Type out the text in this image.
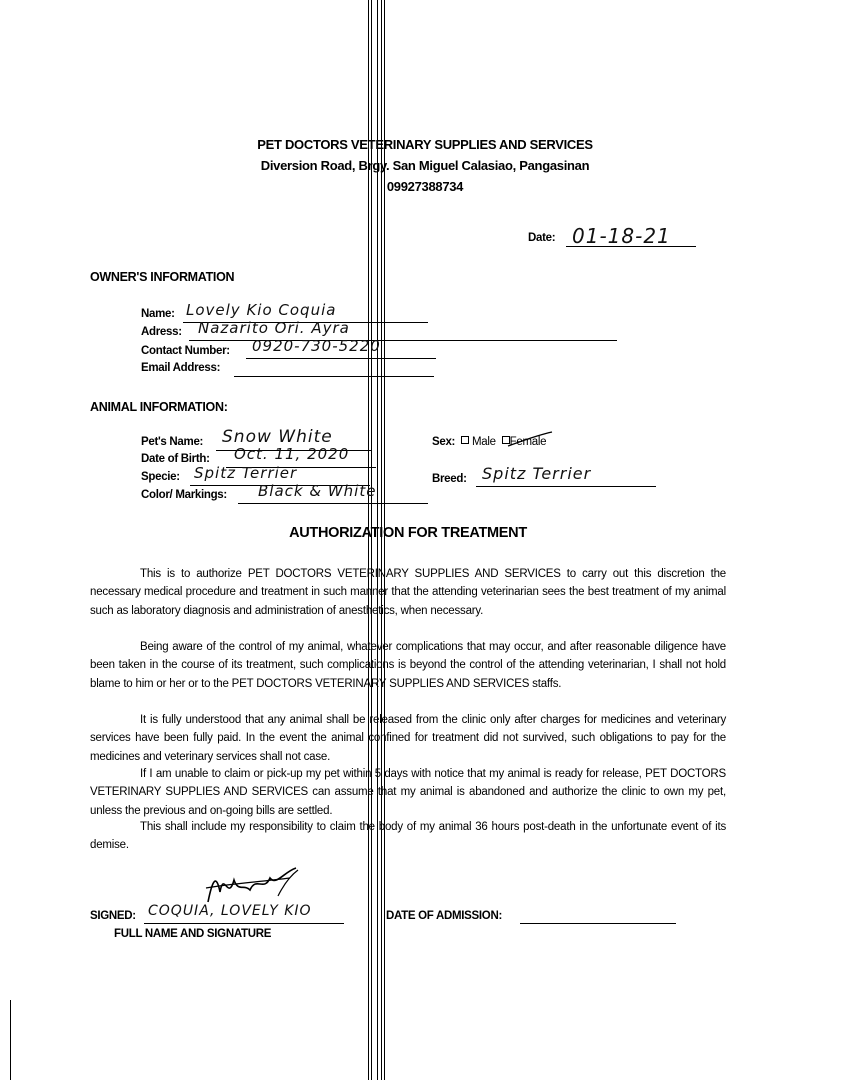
PET DOCTORS VETERINARY SUPPLIES AND SERVICES
Diversion Road, Brgy. San Miguel Calasiao, Pangasinan
09927388734
Date: 01-18-21
OWNER'S INFORMATION
Name: Lovely Kio Coquia
Adress: Nazarito Ori. Ayra
Contact Number: 0920-730-5220
Email Address:
ANIMAL INFORMATION:
Pet's Name: Snow White	Sex: Male Female
Date of Birth: Oct. 11, 2020
Specie: Spitz Terrier	Breed: Spitz Terrier
Color/ Markings: Black & White
AUTHORIZATION FOR TREATMENT
This is to authorize PET DOCTORS VETERINARY SUPPLIES AND SERVICES to carry out this discretion the necessary medical procedure and treatment in such manner that the attending veterinarian sees the best treatment of my animal such as laboratory diagnosis and administration of anesthetics, when necessary.
Being aware of the control of my animal, whatever complications that may occur, and after reasonable diligence have been taken in the course of its treatment, such complications is beyond the control of the attending veterinarian, I shall not hold blame to him or her or to the PET DOCTORS VETERINARY SUPPLIES AND SERVICES staffs.
It is fully understood that any animal shall be released from the clinic only after charges for medicines and veterinary services have been fully paid. In the event the animal confined for treatment did not survived, such obligations to pay for the medicines and veterinary services shall not case.
If I am unable to claim or pick-up my pet within 5 days with notice that my animal is ready for release, PET DOCTORS VETERINARY SUPPLIES AND SERVICES can assume that my animal is abandoned and authorize the clinic to own my pet, unless the previous and on-going bills are settled.
This shall include my responsibility to claim the body of my animal 36 hours post-death in the unfortunate event of its demise.
SIGNED: COQUIA, LOVELY KIO
FULL NAME AND SIGNATURE
DATE OF ADMISSION:
